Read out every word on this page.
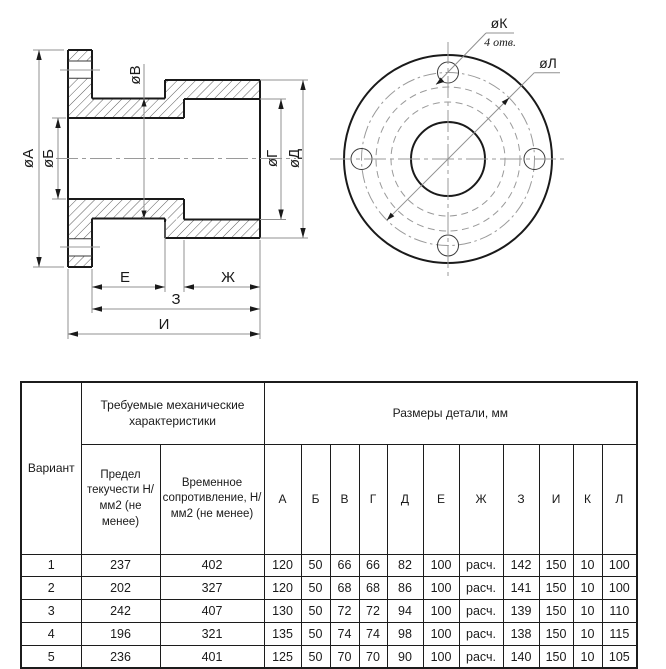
øА øБ
øВ
øГ øД
Е	Ж
З
И
øК
4 отв.
øЛ
Вариант	Требуемые механические характеристики		Размеры детали, мм										
	Предел текучести Н/мм2 (не менее)	Временное сопротивление, Н/мм2 (не менее)	А	Б	В	Г	Д	Е	Ж	З	И	К	Л
1	237	402	120	50	66	66	82	100	расч.	142	150	10	100
2	202	327	120	50	68	68	86	100	расч.	141	150	10	100
3	242	407	130	50	72	72	94	100	расч.	139	150	10	110
4	196	321	135	50	74	74	98	100	расч.	138	150	10	115
5	236	401	125	50	70	70	90	100	расч.	140	150	10	105
